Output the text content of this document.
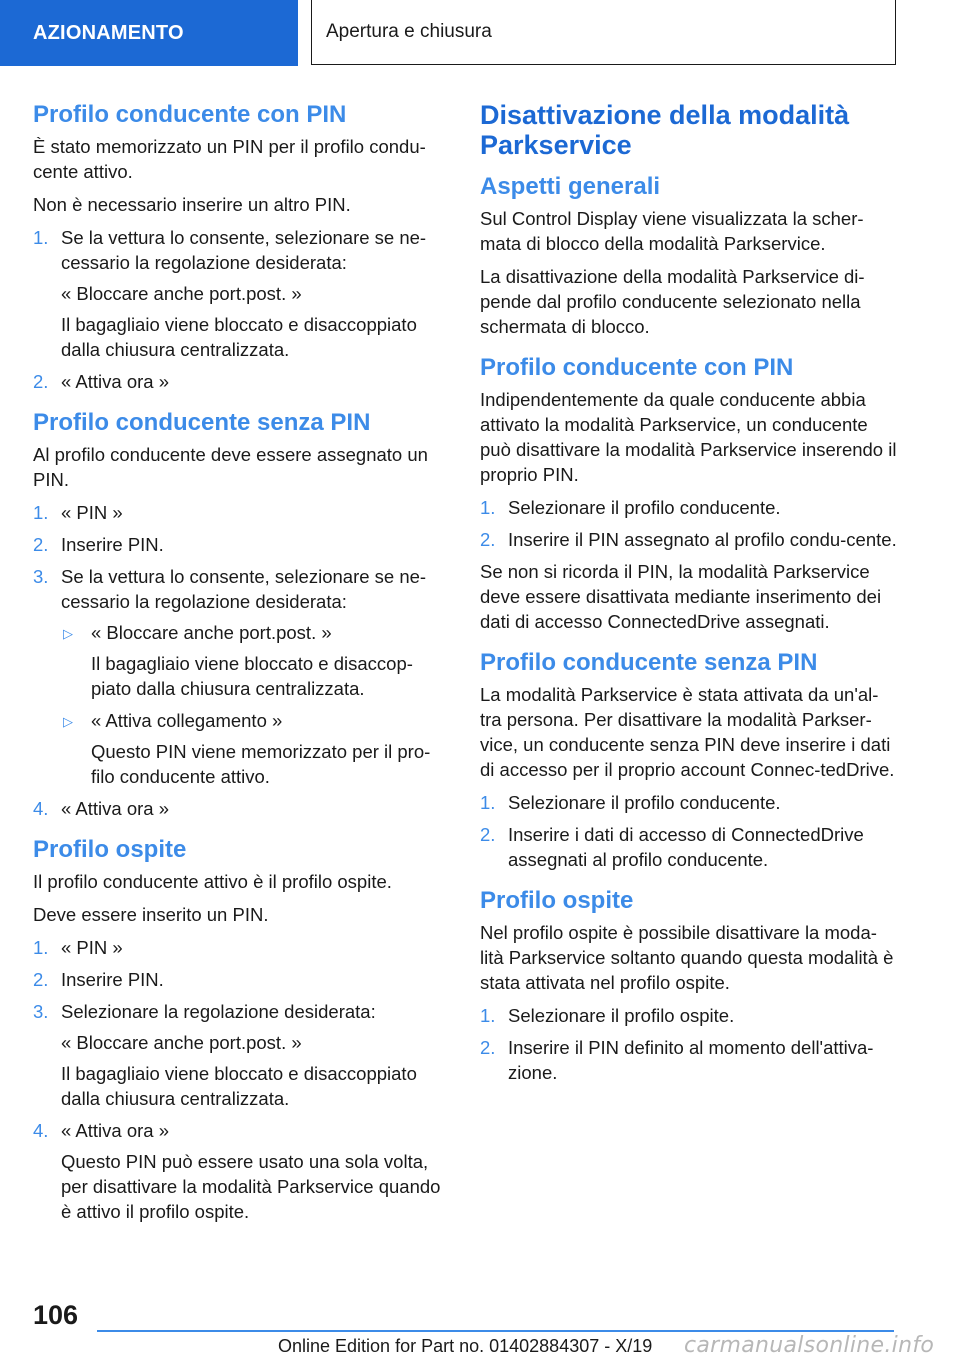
AZIONAMENTO	Apertura e chiusura
Profilo conducente con PIN

È stato memorizzato un PIN per il profilo condu-cente attivo.

Non è necessario inserire un altro PIN.

1. Se la vettura lo consente, selezionare se ne-cessario la regolazione desiderata:

« Bloccare anche port.post. »

Il bagagliaio viene bloccato e disaccoppiato dalla chiusura centralizzata.

2. « Attiva ora »
Profilo conducente senza PIN

Al profilo conducente deve essere assegnato un PIN.

1. « PIN »
2. Inserire PIN.
3. Se la vettura lo consente, selezionare se ne-cessario la regolazione desiderata:
▷ « Bloccare anche port.post. »

Il bagagliaio viene bloccato e disaccop-piato dalla chiusura centralizzata.

▷ « Attiva collegamento »

Questo PIN viene memorizzato per il pro-filo conducente attivo.

4. « Attiva ora »
Profilo ospite

Il profilo conducente attivo è il profilo ospite.

Deve essere inserito un PIN.

1. « PIN »
2. Inserire PIN.
3. Selezionare la regolazione desiderata:

« Bloccare anche port.post. »

Il bagagliaio viene bloccato e disaccoppiato dalla chiusura centralizzata.

4. « Attiva ora »

Questo PIN può essere usato una sola volta, per disattivare la modalità Parkservice quando è attivo il profilo ospite.

Disattivazione della modalità Parkservice
Aspetti generali

Sul Control Display viene visualizzata la scher-mata di blocco della modalità Parkservice.

La disattivazione della modalità Parkservice di-pende dal profilo conducente selezionato nella schermata di blocco.

Profilo conducente con PIN

Indipendentemente da quale conducente abbia attivato la modalità Parkservice, un conducente può disattivare la modalità Parkservice inserendo il proprio PIN.

1. Selezionare il profilo conducente.
2. Inserire il PIN assegnato al profilo condu-cente.

Se non si ricorda il PIN, la modalità Parkservice deve essere disattivata mediante inserimento dei dati di accesso ConnectedDrive assegnati.

Profilo conducente senza PIN

La modalità Parkservice è stata attivata da un'al-tra persona. Per disattivare la modalità Parkser-vice, un conducente senza PIN deve inserire i dati di accesso per il proprio account Connec-tedDrive.

1. Selezionare il profilo conducente.
2. Inserire i dati di accesso di ConnectedDrive assegnati al profilo conducente.
Profilo ospite

Nel profilo ospite è possibile disattivare la moda-lità Parkservice soltanto quando questa modalità è stata attivata nel profilo ospite.

1. Selezionare il profilo ospite.
2. Inserire il PIN definito al momento dell'attiva-zione.
106
Online Edition for Part no. 01402884307 - X/19 carmanualsonline.info
